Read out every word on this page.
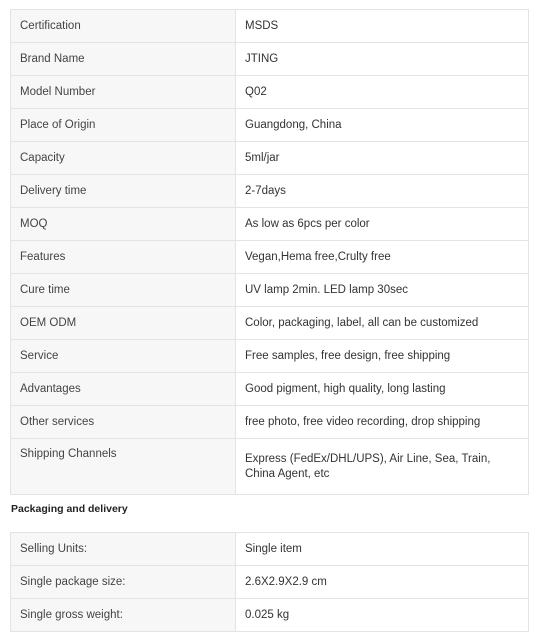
Certification	MSDS
Brand Name	JTING
Model Number	Q02
Place of Origin	Guangdong, China
Capacity	5ml/jar
Delivery time	2-7days
MOQ	As low as 6pcs per color
Features	Vegan,Hema free,Crulty free
Cure time	UV lamp 2min. LED lamp 30sec
OEM ODM	Color, packaging, label, all can be customized
Service	Free samples, free design, free shipping
Advantages	Good pigment, high quality, long lasting
Other services	free photo, free video recording, drop shipping
Shipping Channels	Express (FedEx/DHL/UPS), Air Line, Sea, Train, China Agent, etc
Packaging and delivery
Selling Units:	Single item
Single package size:	2.6X2.9X2.9 cm
Single gross weight:	0.025 kg
